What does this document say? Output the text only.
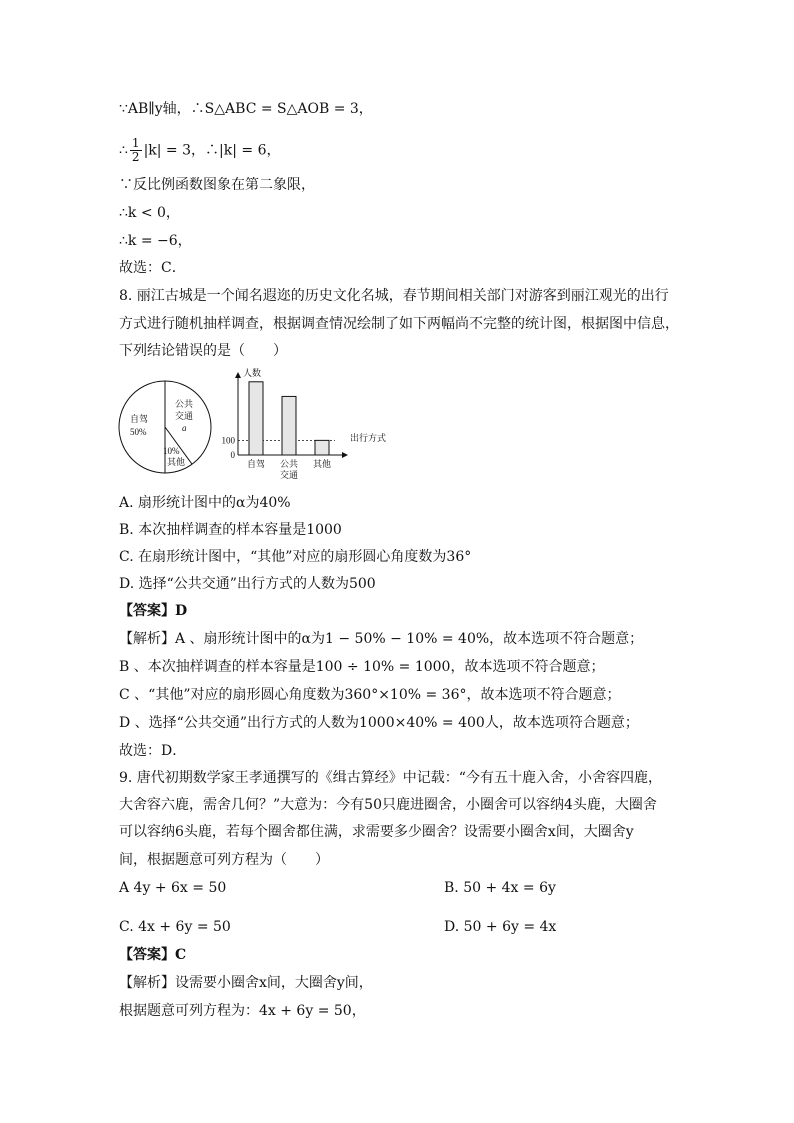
∵AB∥y轴，∴S△ABC = S△AOB = 3，
∴ $\frac{1}{2} |k| = 3$，∴|k| = 6，
∵反比例函数图象在第二象限，
∴k < 0，
∴k = −6，
故选：C．
8. 丽江古城是一个闻名遐迩的历史文化名城，春节期间相关部门对游客到丽江观光的出行
方式进行随机抽样调查，根据调查情况绘制了如下两幅尚不完整的统计图，根据图中信息，
下列结论错误的是（　　）
自驾
50%
公共
交通
a
10%
其他
100
0
自驾 公共
交通
其他
人数
出行方式
A. 扇形统计图中的α为40%
B. 本次抽样调查的样本容量是1000
C. 在扇形统计图中，“其他”对应的扇形圆心角度数为36°
D. 选择“公共交通”出行方式的人数为500
【答案】D
【解析】A 、扇形统计图中的α为1 − 50% − 10% = 40%，故本选项不符合题意；
B 、本次抽样调查的样本容量是100 ÷ 10% = 1000，故本选项不符合题意；
C 、“其他”对应的扇形圆心角度数为360°×10% = 36°，故本选项不符合题意；
D 、选择“公共交通”出行方式的人数为1000×40% = 400人，故本选项符合题意；
故选：D．
9. 唐代初期数学家王孝通撰写的《缉古算经》中记载：“今有五十鹿入舍，小舍容四鹿，
大舍容六鹿，需舍几何？”大意为：今有50只鹿进圈舍，小圈舍可以容纳4头鹿，大圈舍
可以容纳6头鹿，若每个圈舍都住满，求需要多少圈舍？设需要小圈舍x间，大圈舍y
间，根据题意可列方程为（　　）
A 4y + 6x = 50	B. 50 + 4x = 6y
C. 4x + 6y = 50	D. 50 + 6y = 4x
【答案】C
【解析】设需要小圈舍x间，大圈舍y间，
根据题意可列方程为：4x + 6y = 50，
